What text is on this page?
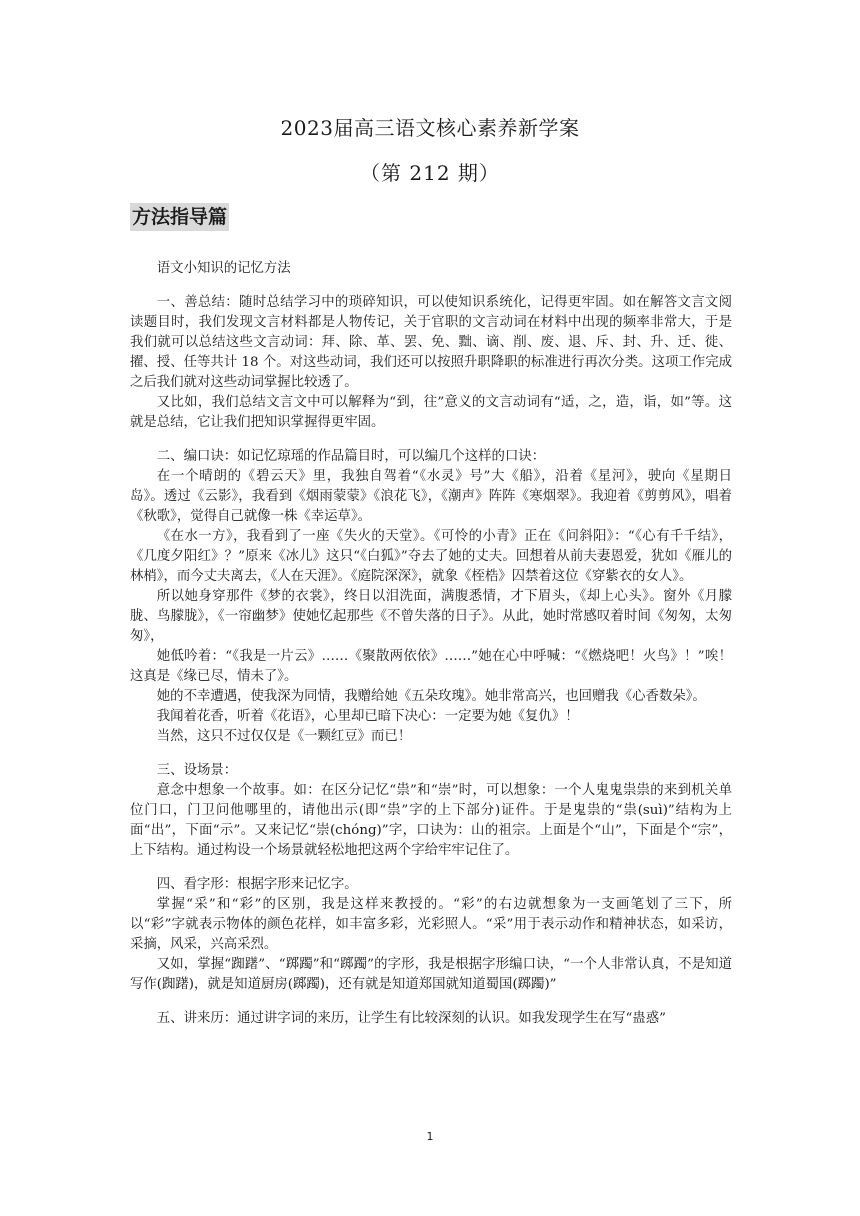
2023届高三语文核心素养新学案
（第 212 期）
方法指导篇

语文小知识的记忆方法

一、善总结：随时总结学习中的琐碎知识，可以使知识系统化，记得更牢固。如在解答文言文阅读题目时，我们发现文言材料都是人物传记，关于官职的文言动词在材料中出现的频率非常大，于是我们就可以总结这些文言动词：拜、除、革、罢、免、黜、谪、削、废、退、斥、封、升、迁、徙、擢、授、任等共计 18 个。对这些动词，我们还可以按照升职降职的标准进行再次分类。这项工作完成之后我们就对这些动词掌握比较透了。

又比如，我们总结文言文中可以解释为“到，往”意义的文言动词有“适，之，造，诣，如”等。这就是总结，它让我们把知识掌握得更牢固。

二、编口诀：如记忆琼瑶的作品篇目时，可以编几个这样的口诀：

在一个晴朗的《碧云天》里，我独自驾着“《水灵》号”大《船》，沿着《星河》，驶向《星期日岛》。透过《云影》，我看到《烟雨蒙蒙》《浪花飞》，《潮声》阵阵《寒烟翠》。我迎着《剪剪风》，唱着《秋歌》，觉得自己就像一株《幸运草》。

《在水一方》，我看到了一座《失火的天堂》。《可怜的小青》正在《问斜阳》：“《心有千千结》，《几度夕阳红》？”原来《冰儿》这只“《白狐》”夺去了她的丈夫。回想着从前夫妻恩爱，犹如《雁儿的林梢》，而今丈夫离去，《人在天涯》。《庭院深深》，就象《桎梏》囚禁着这位《穿紫衣的女人》。

所以她身穿那件《梦的衣裳》，终日以泪洗面，满腹悉情，才下眉头，《却上心头》。窗外《月朦胧、鸟朦胧》，《一帘幽梦》使她忆起那些《不曾失落的日子》。从此，她时常感叹着时间《匆匆，太匆匆》，

她低吟着：“《我是一片云》……《聚散两依依》……”她在心中呼喊：“《燃烧吧！火鸟》！”唉！这真是《缘已尽，情未了》。

她的不幸遭遇，使我深为同情，我赠给她《五朵玫瑰》。她非常高兴，也回赠我《心香数朵》。

我闻着花香，听着《花语》，心里却已暗下决心：一定要为她《复仇》！

当然，这只不过仅仅是《一颗红豆》而已！

三、设场景：

意念中想象一个故事。如：在区分记忆“祟”和“崇”时，可以想象：一个人鬼鬼祟祟的来到机关单位门口，门卫问他哪里的，请他出示(即“祟”字的上下部分)证件。于是鬼祟的“祟(suì)”结构为上面“出”，下面“示”。又来记忆“崇(chóng)”字，口诀为：山的祖宗。上面是个“山”，下面是个“宗”，上下结构。通过构设一个场景就轻松地把这两个字给牢牢记住了。

四、看字形：根据字形来记忆字。

掌握“采”和“彩”的区别，我是这样来教授的。“彩”的右边就想象为一支画笔划了三下，所以“彩”字就表示物体的颜色花样，如丰富多彩，光彩照人。“采”用于表示动作和精神状态，如采访，采摘，风采，兴高采烈。

又如，掌握“踟躇”、“踯躅”和“踯躅”的字形，我是根据字形编口诀，“一个人非常认真，不是知道写作(踟躇)，就是知道厨房(踯躅)，还有就是知道郑国就知道蜀国(踯躅)”

五、讲来历：通过讲字词的来历，让学生有比较深刻的认识。如我发现学生在写“蛊惑”

1
